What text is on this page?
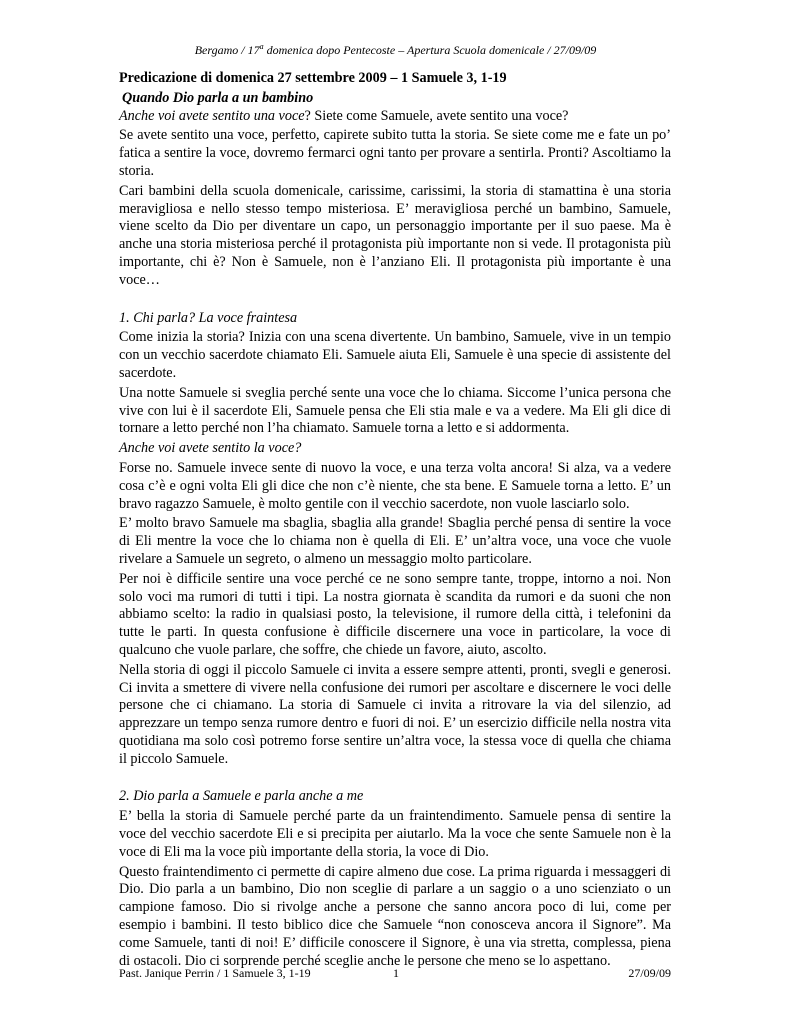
Bergamo / 17$^a$ domenica dopo Pentecoste – Apertura Scuola domenicale / 27/09/09
Predicazione di domenica 27 settembre 2009 – 1 Samuele 3, 1-19
Quando Dio parla a un bambino
Anche voi avete sentito una voce? Siete come Samuele, avete sentito una voce?
Se avete sentito una voce, perfetto, capirete subito tutta la storia. Se siete come me e fate un po’ fatica a sentire la voce, dovremo fermarci ogni tanto per provare a sentirla. Pronti? Ascoltiamo la storia.
Cari bambini della scuola domenicale, carissime, carissimi, la storia di stamattina è una storia meravigliosa e nello stesso tempo misteriosa. E’ meravigliosa perché un bambino, Samuele, viene scelto da Dio per diventare un capo, un personaggio importante per il suo paese. Ma è anche una storia misteriosa perché il protagonista più importante non si vede. Il protagonista più importante, chi è? Non è Samuele, non è l’anziano Eli. Il protagonista più importante è una voce…
1. Chi parla? La voce fraintesa
Come inizia la storia? Inizia con una scena divertente. Un bambino, Samuele, vive in un tempio con un vecchio sacerdote chiamato Eli. Samuele aiuta Eli, Samuele è una specie di assistente del sacerdote.
Una notte Samuele si sveglia perché sente una voce che lo chiama. Siccome l’unica persona che vive con lui è il sacerdote Eli, Samuele pensa che Eli stia male e va a vedere. Ma Eli gli dice di tornare a letto perché non l’ha chiamato. Samuele torna a letto e si addormenta.
Anche voi avete sentito la voce?
Forse no. Samuele invece sente di nuovo la voce, e una terza volta ancora! Si alza, va a vedere cosa c’è e ogni volta Eli gli dice che non c’è niente, che sta bene. E Samuele torna a letto. E’ un bravo ragazzo Samuele, è molto gentile con il vecchio sacerdote, non vuole lasciarlo solo.
E’ molto bravo Samuele ma sbaglia, sbaglia alla grande! Sbaglia perché pensa di sentire la voce di Eli mentre la voce che lo chiama non è quella di Eli. E’ un’altra voce, una voce che vuole rivelare a Samuele un segreto, o almeno un messaggio molto particolare.
Per noi è difficile sentire una voce perché ce ne sono sempre tante, troppe, intorno a noi. Non solo voci ma rumori di tutti i tipi. La nostra giornata è scandita da rumori e da suoni che non abbiamo scelto: la radio in qualsiasi posto, la televisione, il rumore della città, i telefonini da tutte le parti. In questa confusione è difficile discernere una voce in particolare, la voce di qualcuno che vuole parlare, che soffre, che chiede un favore, aiuto, ascolto.
Nella storia di oggi il piccolo Samuele ci invita a essere sempre attenti, pronti, svegli e generosi. Ci invita a smettere di vivere nella confusione dei rumori per ascoltare e discernere le voci delle persone che ci chiamano. La storia di Samuele ci invita a ritrovare la via del silenzio, ad apprezzare un tempo senza rumore dentro e fuori di noi. E’ un esercizio difficile nella nostra vita quotidiana ma solo così potremo forse sentire un’altra voce, la stessa voce di quella che chiama il piccolo Samuele.
2. Dio parla a Samuele e parla anche a me
E’ bella la storia di Samuele perché parte da un fraintendimento. Samuele pensa di sentire la voce del vecchio sacerdote Eli e si precipita per aiutarlo. Ma la voce che sente Samuele non è la voce di Eli ma la voce più importante della storia, la voce di Dio.
Questo fraintendimento ci permette di capire almeno due cose. La prima riguarda i messaggeri di Dio. Dio parla a un bambino, Dio non sceglie di parlare a un saggio o a uno scienziato o un campione famoso. Dio si rivolge anche a persone che sanno ancora poco di lui, come per esempio i bambini. Il testo biblico dice che Samuele “non conosceva ancora il Signore”. Ma come Samuele, tanti di noi! E’ difficile conoscere il Signore, è una via stretta, complessa, piena di ostacoli. Dio ci sorprende perché sceglie anche le persone che meno se lo aspettano.
Past. Janique Perrin / 1 Samuele 3, 1-19	1	27/09/09
